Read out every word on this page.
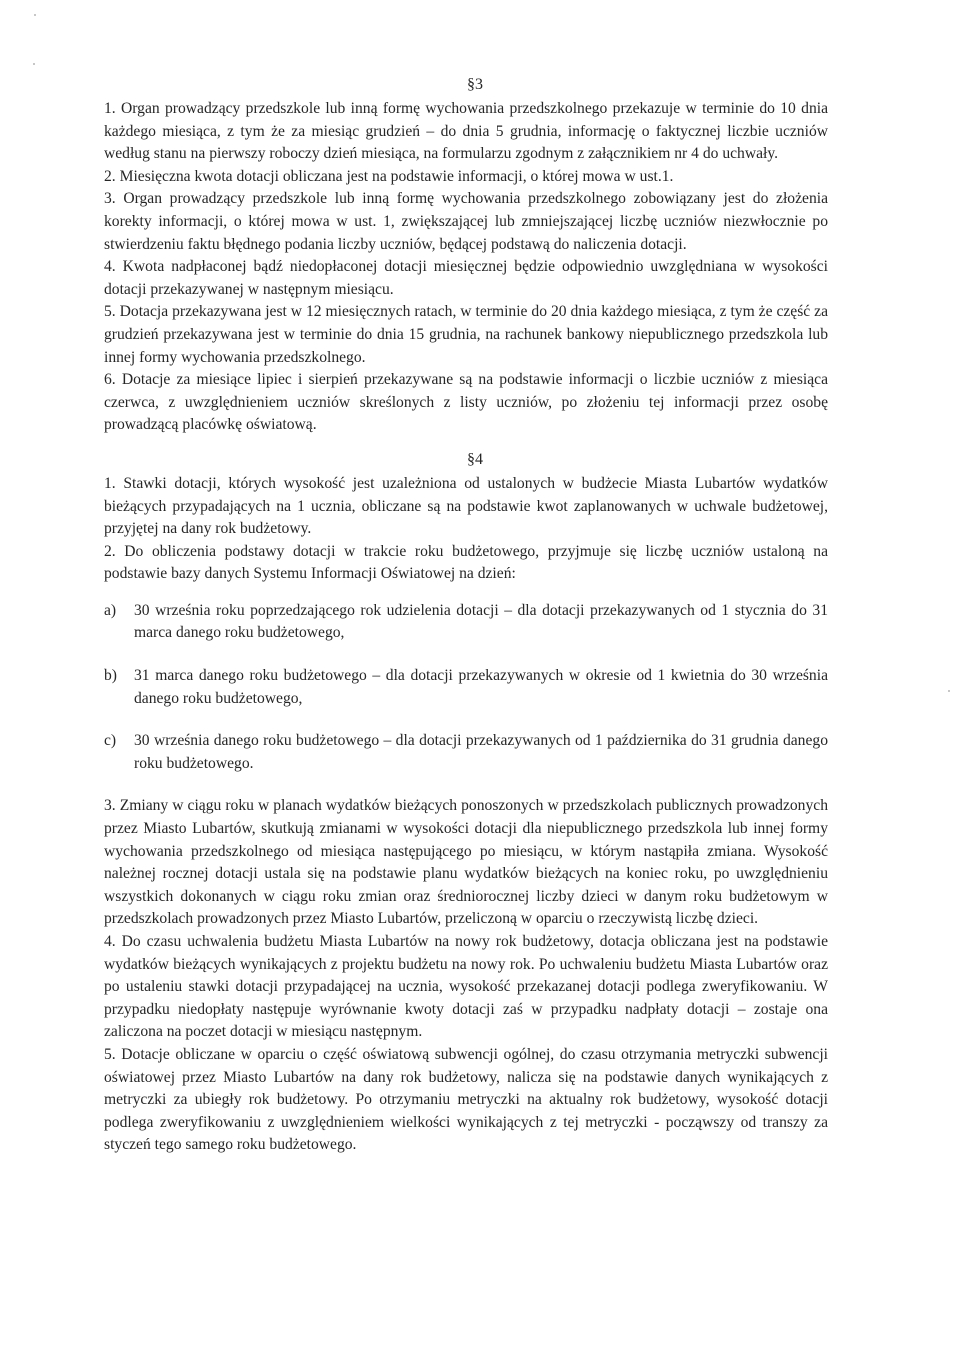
§3

1. Organ prowadzący przedszkole lub inną formę wychowania przedszkolnego przekazuje w terminie do 10 dnia każdego miesiąca, z tym że za miesiąc grudzień – do dnia 5 grudnia, informację o faktycznej liczbie uczniów według stanu na pierwszy roboczy dzień miesiąca, na formularzu zgodnym z załącznikiem nr 4 do uchwały.

2. Miesięczna kwota dotacji obliczana jest na podstawie informacji, o której mowa w ust.1.

3. Organ prowadzący przedszkole lub inną formę wychowania przedszkolnego zobowiązany jest do złożenia korekty informacji, o której mowa w ust. 1, zwiększającej lub zmniejszającej liczbę uczniów niezwłocznie po stwierdzeniu faktu błędnego podania liczby uczniów, będącej podstawą do naliczenia dotacji.

4. Kwota nadpłaconej bądź niedopłaconej dotacji miesięcznej będzie odpowiednio uwzględniana w wysokości dotacji przekazywanej w następnym miesiącu.

5. Dotacja przekazywana jest w 12 miesięcznych ratach, w terminie do 20 dnia każdego miesiąca, z tym że część za grudzień przekazywana jest w terminie do dnia 15 grudnia, na rachunek bankowy niepublicznego przedszkola lub innej formy wychowania przedszkolnego.

6. Dotacje za miesiące lipiec i sierpień przekazywane są na podstawie informacji o liczbie uczniów z miesiąca czerwca, z uwzględnieniem uczniów skreślonych z listy uczniów, po złożeniu tej informacji przez osobę prowadzącą placówkę oświatową.

§4

1. Stawki dotacji, których wysokość jest uzależniona od ustalonych w budżecie Miasta Lubartów wydatków bieżących przypadających na 1 ucznia, obliczane są na podstawie kwot zaplanowanych w uchwale budżetowej, przyjętej na dany rok budżetowy.

2. Do obliczenia podstawy dotacji w trakcie roku budżetowego, przyjmuje się liczbę uczniów ustaloną na podstawie bazy danych Systemu Informacji Oświatowej na dzień:

a)	30 września roku poprzedzającego rok udzielenia dotacji – dla dotacji przekazywanych od 1 stycznia do 31 marca danego roku budżetowego,
b)	31 marca danego roku budżetowego – dla dotacji przekazywanych w okresie od 1 kwietnia do 30 września danego roku budżetowego,
c)	30 września danego roku budżetowego – dla dotacji przekazywanych od 1 października do 31 grudnia danego roku budżetowego.

3. Zmiany w ciągu roku w planach wydatków bieżących ponoszonych w przedszkolach publicznych prowadzonych przez Miasto Lubartów, skutkują zmianami w wysokości dotacji dla niepublicznego przedszkola lub innej formy wychowania przedszkolnego od miesiąca następującego po miesiącu, w którym nastąpiła zmiana. Wysokość należnej rocznej dotacji ustala się na podstawie planu wydatków bieżących na koniec roku, po uwzględnieniu wszystkich dokonanych w ciągu roku zmian oraz średniorocznej liczby dzieci w danym roku budżetowym w przedszkolach prowadzonych przez Miasto Lubartów, przeliczoną w oparciu o rzeczywistą liczbę dzieci.

4. Do czasu uchwalenia budżetu Miasta Lubartów na nowy rok budżetowy, dotacja obliczana jest na podstawie wydatków bieżących wynikających z projektu budżetu na nowy rok. Po uchwaleniu budżetu Miasta Lubartów oraz po ustaleniu stawki dotacji przypadającej na ucznia, wysokość przekazanej dotacji podlega zweryfikowaniu. W przypadku niedopłaty następuje wyrównanie kwoty dotacji zaś w przypadku nadpłaty dotacji – zostaje ona zaliczona na poczet dotacji w miesiącu następnym.

5. Dotacje obliczane w oparciu o część oświatową subwencji ogólnej, do czasu otrzymania metryczki subwencji oświatowej przez Miasto Lubartów na dany rok budżetowy, nalicza się na podstawie danych wynikających z metryczki za ubiegły rok budżetowy. Po otrzymaniu metryczki na aktualny rok budżetowy, wysokość dotacji podlega zweryfikowaniu z uwzględnieniem wielkości wynikających z tej metryczki - począwszy od transzy za styczeń tego samego roku budżetowego.
